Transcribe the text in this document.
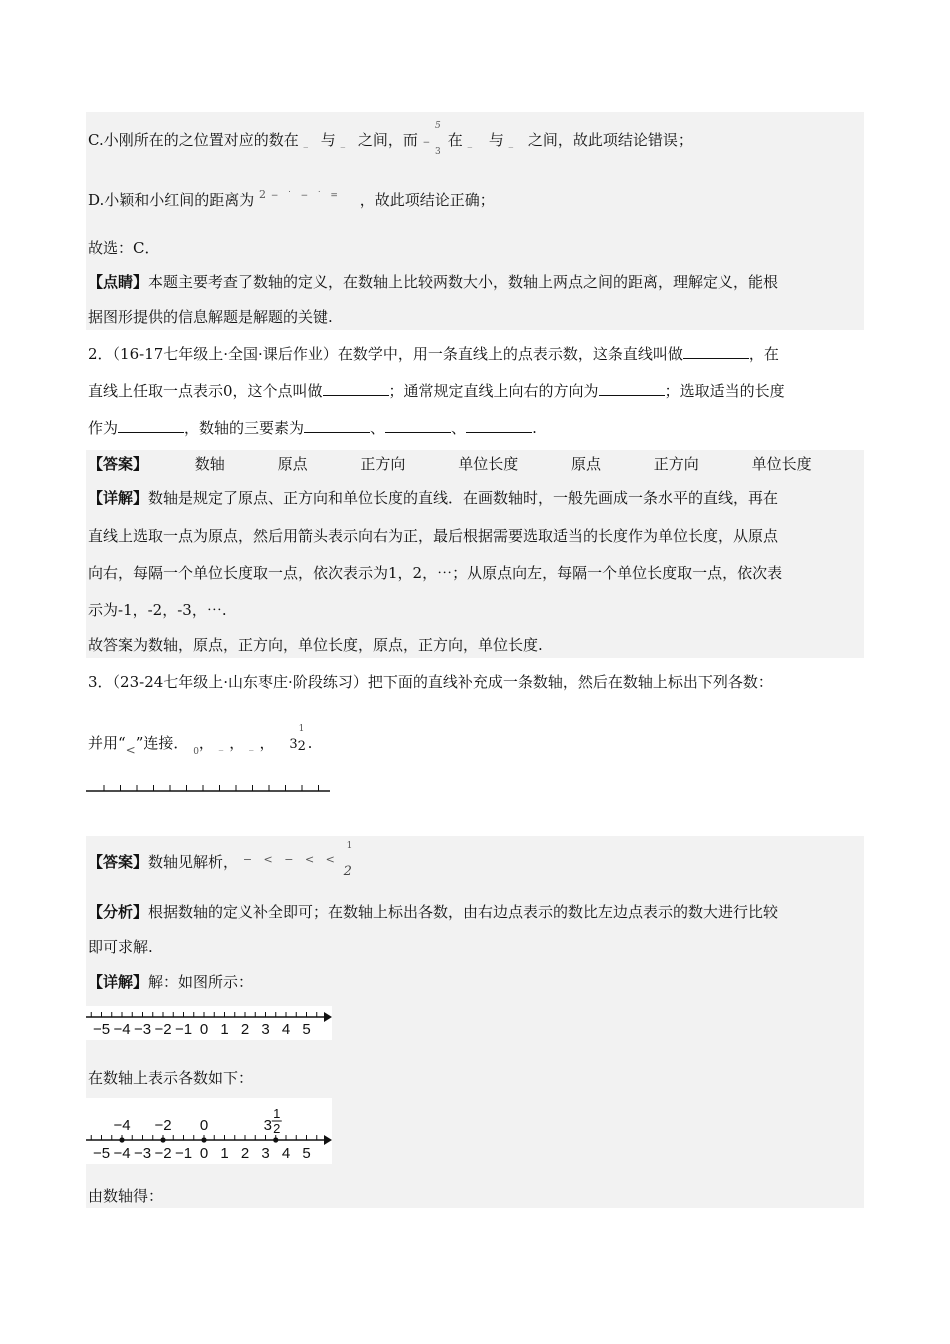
C.小刚所在的之位置对应的数在 _ 与 _ 之间，而 −
5
3
在 _ 与 _ 之间，故此项结论错误；
D.小颖和小红间的距离为 $^2$ − ˙ − ˙ = ，故此项结论正确；
故选：C．
【点睛】本题主要考查了数轴的定义，在数轴上比较两数大小，数轴上两点之间的距离，理解定义，能根
据图形提供的信息解题是解题的关键.
2．（16-17七年级上·全国·课后作业）在数学中，用一条直线上的点表示数，这条直线叫做	，在
直线上任取一点表示0，这个点叫做	；通常规定直线上向右的方向为	；选取适当的长度
作为	，数轴的三要素为	、	、	.
【答案】	数轴	原点	正方向	单位长度	原点	正方向	单位长度
【详解】数轴是规定了原点、正方向和单位长度的直线．在画数轴时，一般先画成一条水平的直线，再在
直线上选取一点为原点，然后用箭头表示向右为正，最后根据需要选取适当的长度作为单位长度，从原点
向右，每隔一个单位长度取一点，依次表示为1，2，⋯；从原点向左，每隔一个单位长度取一点，依次表
示为-1，-2，-3，⋯.
故答案为数轴，原点，正方向，单位长度，原点，正方向，单位长度.
3．（23-24七年级上·山东枣庄·阶段练习）把下面的直线补充成一条数轴，然后在数轴上标出下列各数：
并用“$_<$”连接． $_0$， _ ， _ ， 3
1
2 .
【答案】数轴见解析， − < − < <
1
2
【分析】根据数轴的定义补全即可；在数轴上标出各数，由右边点表示的数比左边点表示的数大进行比较
即可求解.
【详解】解：如图所示：
−5 −4 −3 −2 −1 0 1 2 3 4 5
在数轴上表示各数如下：
−5 −4 −3 −2 −1 0 1 2 3 4 5
−4 −2 0	3
1
2
由数轴得：
